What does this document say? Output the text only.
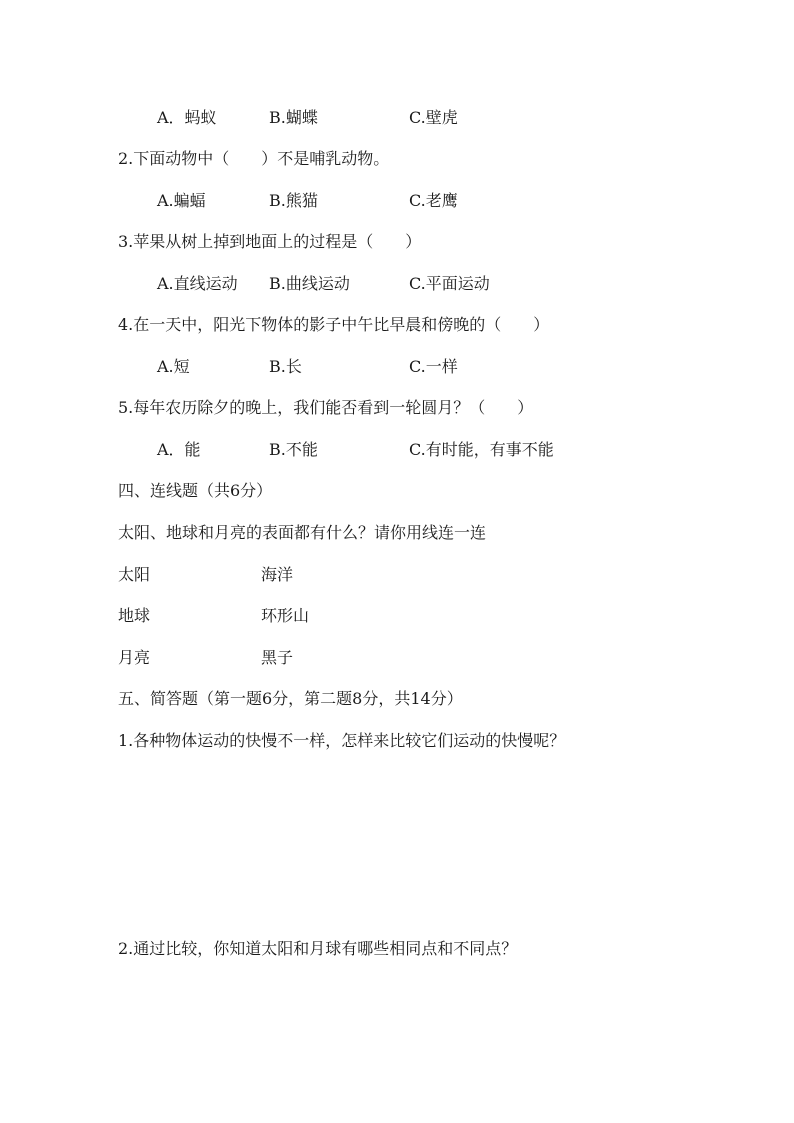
A．蚂蚁	B.蝴蝶	C.壁虎
2.下面动物中（　　）不是哺乳动物。
A.蝙蝠	B.熊猫	C.老鹰
3.苹果从树上掉到地面上的过程是（　　）
A.直线运动 B.曲线运动	C.平面运动
4.在一天中，阳光下物体的影子中午比早晨和傍晚的（　　）
A.短	B.长	C.一样
5.每年农历除夕的晚上，我们能否看到一轮圆月？（　　）
A．能	B.不能	C.有时能，有事不能
四、连线题（共6分）
太阳、地球和月亮的表面都有什么？请你用线连一连
太阳	海洋
地球	环形山
月亮	黑子
五、简答题（第一题6分，第二题8分，共14分）
1.各种物体运动的快慢不一样，怎样来比较它们运动的快慢呢？
2.通过比较，你知道太阳和月球有哪些相同点和不同点？
